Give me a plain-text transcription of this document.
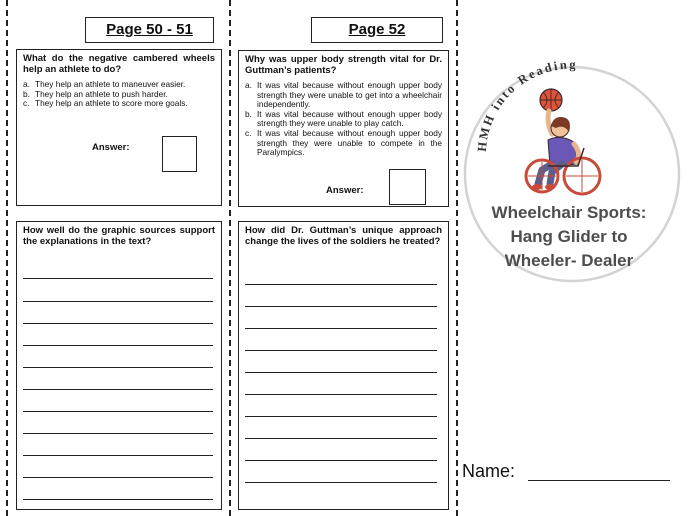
Page 50 - 51

What do the negative cambered wheels help an athlete to do?

a. They help an athlete to maneuver easier.
b. They help an athlete to push harder.
c. They help an athlete to score more goals.
Answer:

How well do the graphic sources support the explanations in the text?

Page 52

Why was upper body strength vital for Dr. Guttman’s patients?

a. It was vital because without enough upper body strength they were unable to get into a wheelchair independently.
b. It was vital because without enough upper body strength they were unable to play catch.
c. It was vital because without enough upper body strength they were unable to compete in the Paralympics.
Answer:

How did Dr. Guttman’s unique approach change the lives of the soldiers he treated?

HMH into Reading
Wheelchair Sports:
Hang Glider to
Wheeler- Dealer
Name:
